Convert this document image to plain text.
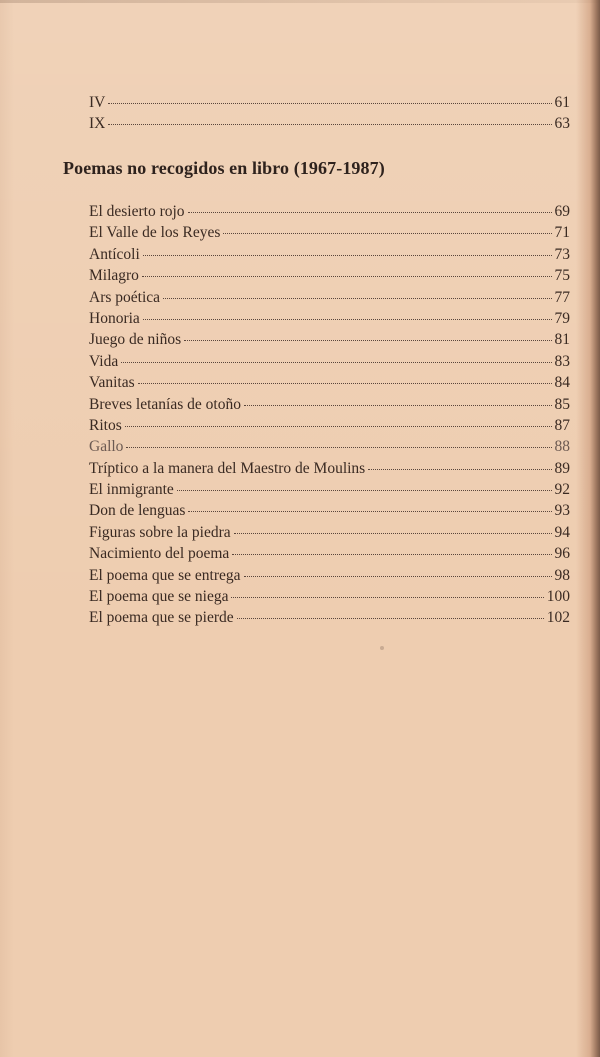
IV	61
IX	63
Poemas no recogidos en libro (1967-1987)
El desierto rojo	69
El Valle de los Reyes	71
Antícoli	73
Milagro	75
Ars poética	77
Honoria	79
Juego de niños	81
Vida	83
Vanitas	84
Breves letanías de otoño	85
Ritos	87
Gallo	88
Tríptico a la manera del Maestro de Moulins	89
El inmigrante	92
Don de lenguas	93
Figuras sobre la piedra	94
Nacimiento del poema	96
El poema que se entrega	98
El poema que se niega	100
El poema que se pierde	102
